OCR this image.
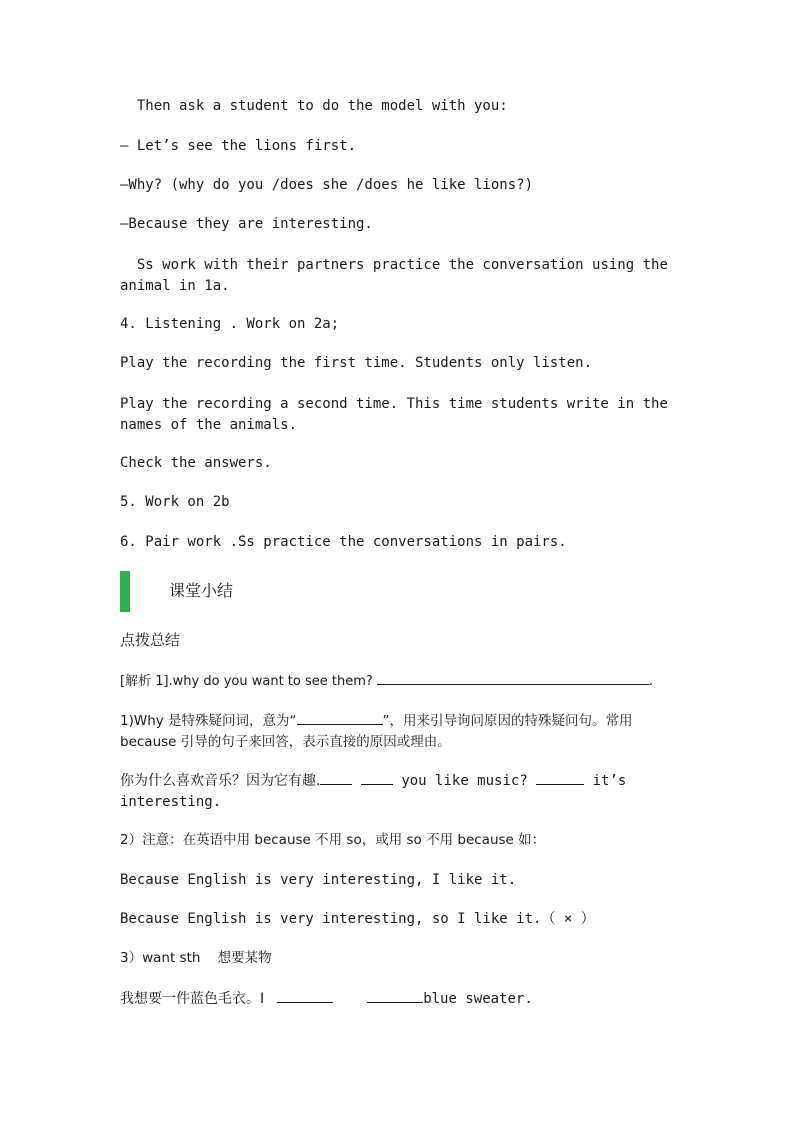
Then ask a student to do the model with you:

— Let’s see the lions first.

—Why? (why do you /does she /does he like lions?)

—Because they are interesting.

Ss work with their partners practice the conversation using the animal in 1a.

4. Listening . Work on 2a;

Play the recording the first time. Students only listen.

Play the recording a second time. This time students write in the names of the animals.

Check the answers.

5. Work on 2b

6. Pair work .Ss practice the conversations in pairs.

课堂小结

点拨总结

[解析 1].why do you want to see them?	.

1)Why 是特殊疑问词，意为“	”，用来引导询问原因的特殊疑问句。常用 because 引导的句子来回答，表示直接的原因或理由。

你为什么喜欢音乐？因为它有趣.	you like music?	it’s interesting.

2）注意：在英语中用 because 不用 so，或用 so 不用 because 如：

Because English is very interesting, I like it.

Because English is very interesting, so I like it.（ × ）

3）want sth    想要某物

我想要一件蓝色毛衣。I	blue sweater.
